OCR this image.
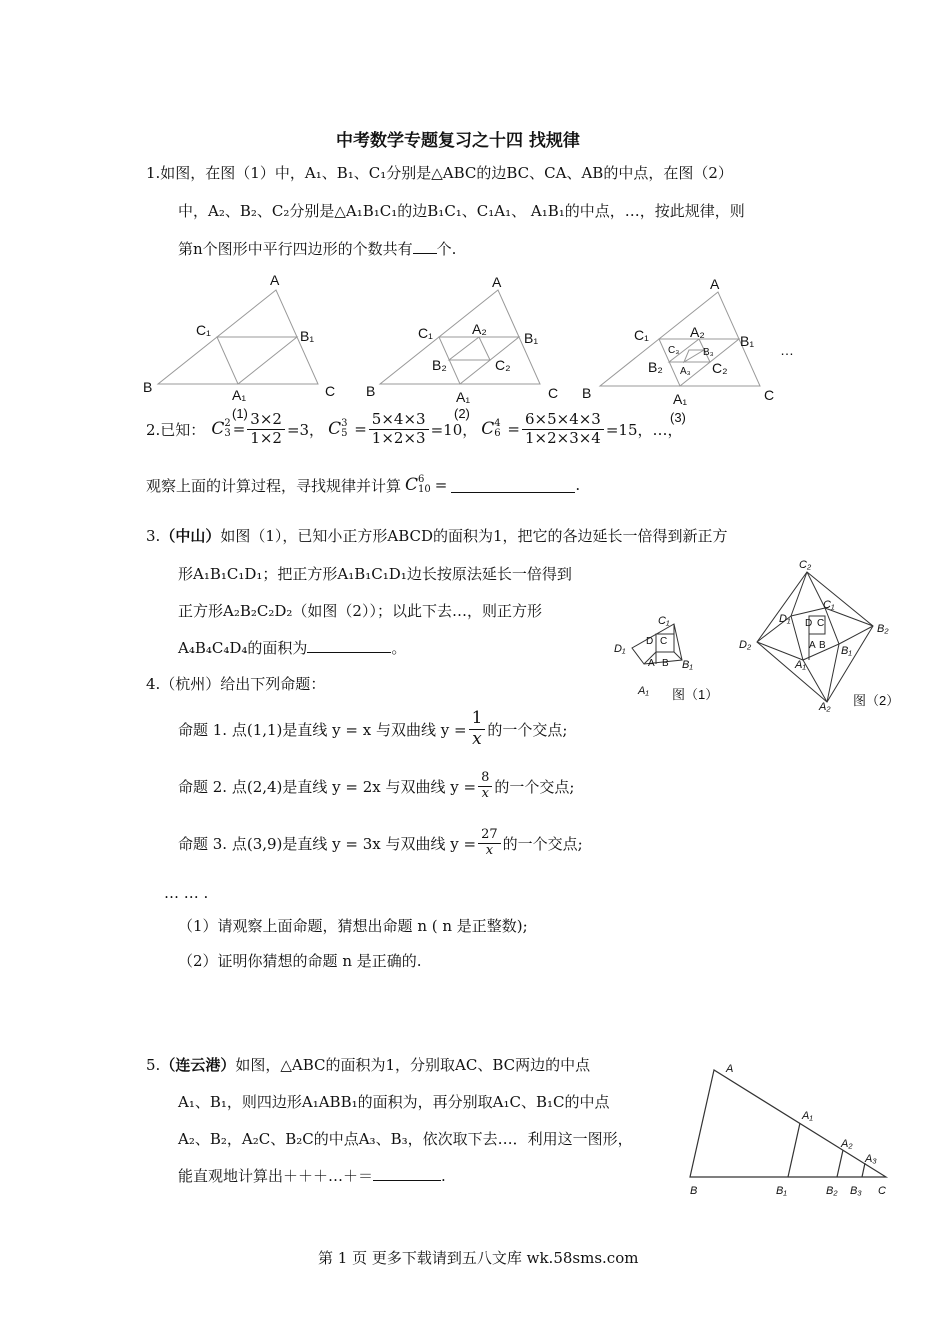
中考数学专题复习之十四 找规律
1.如图，在图（1）中，A₁、B₁、C₁分别是△ABC的边BC、CA、AB的中点，在图（2）
中，A₂、B₂、C₂分别是△A₁B₁C₁的边B₁C₁、C₁A₁、 A₁B₁的中点，…，按此规律，则
第n个图形中平行四边形的个数共有 个.
A
B	C
C₁	B₁
A₁
A
B	C
C₁	B₁
A₂
B₂	C₂
A₁
A
B	C
C₁	B₁
A₂
B₂	C₂
C₃ B₃
A₃
A₁
…
(1)	(2)	(3)
2.已知： C 2
$3 = \frac{3\times 2}{1\times 2} =3$， C 3
$5 = \frac{5\times 4\times 3}{1\times 2\times 3} =10$， C 4
$6 = \frac{6\times 5\times 4\times 3}{1\times 2\times 3\times 4} =15$，…，
观察上面的计算过程，寻找规律并计算 C 6
10 =	.
3.（中山）如图（1），已知小正方形ABCD的面积为1，把它的各边延长一倍得到新正方
形A₁B₁C₁D₁；把正方形A₁B₁C₁D₁边长按原法延长一倍得到
正方形A₂B₂C₂D₂（如图（2））；以此下去…，则正方形
A₄B₄C₄D₄的面积为	。
C₁
D₁
B₁
A₁
D C
A B
图（1）
C₂
C₁
D₁
B₂
B₁
D₂
A₁
A₂
D C
A B
图（2）
4.（杭州）给出下列命题：
命题 1. 点(1,1)是直线 y = x 与双曲线 $y = \frac{1}{x}$ 的一个交点;
命题 2. 点(2,4)是直线 y = 2x 与双曲线 $y = \frac{8}{x}$ 的一个交点;
命题 3. 点(3,9)是直线 y = 3x 与双曲线 $y = \frac{27}{x}$ 的一个交点;
… … .
（1）请观察上面命题，猜想出命题 n ( n 是正整数);
（2）证明你猜想的命题 n 是正确的.
5.（连云港）如图，△ABC的面积为1，分别取AC、BC两边的中点
A₁、B₁，则四边形A₁ABB₁的面积为，再分别取A₁C、B₁C的中点
A₂、B₂，A₂C、B₂C的中点A₃、B₃，依次取下去…．利用这一图形，
能直观地计算出＋＋＋…＋＝	.
A
A₁
A₂
A₃
B	B₁	B₂ B₃ C
第 1 页 更多下载请到五八文库 wk.58sms.com
